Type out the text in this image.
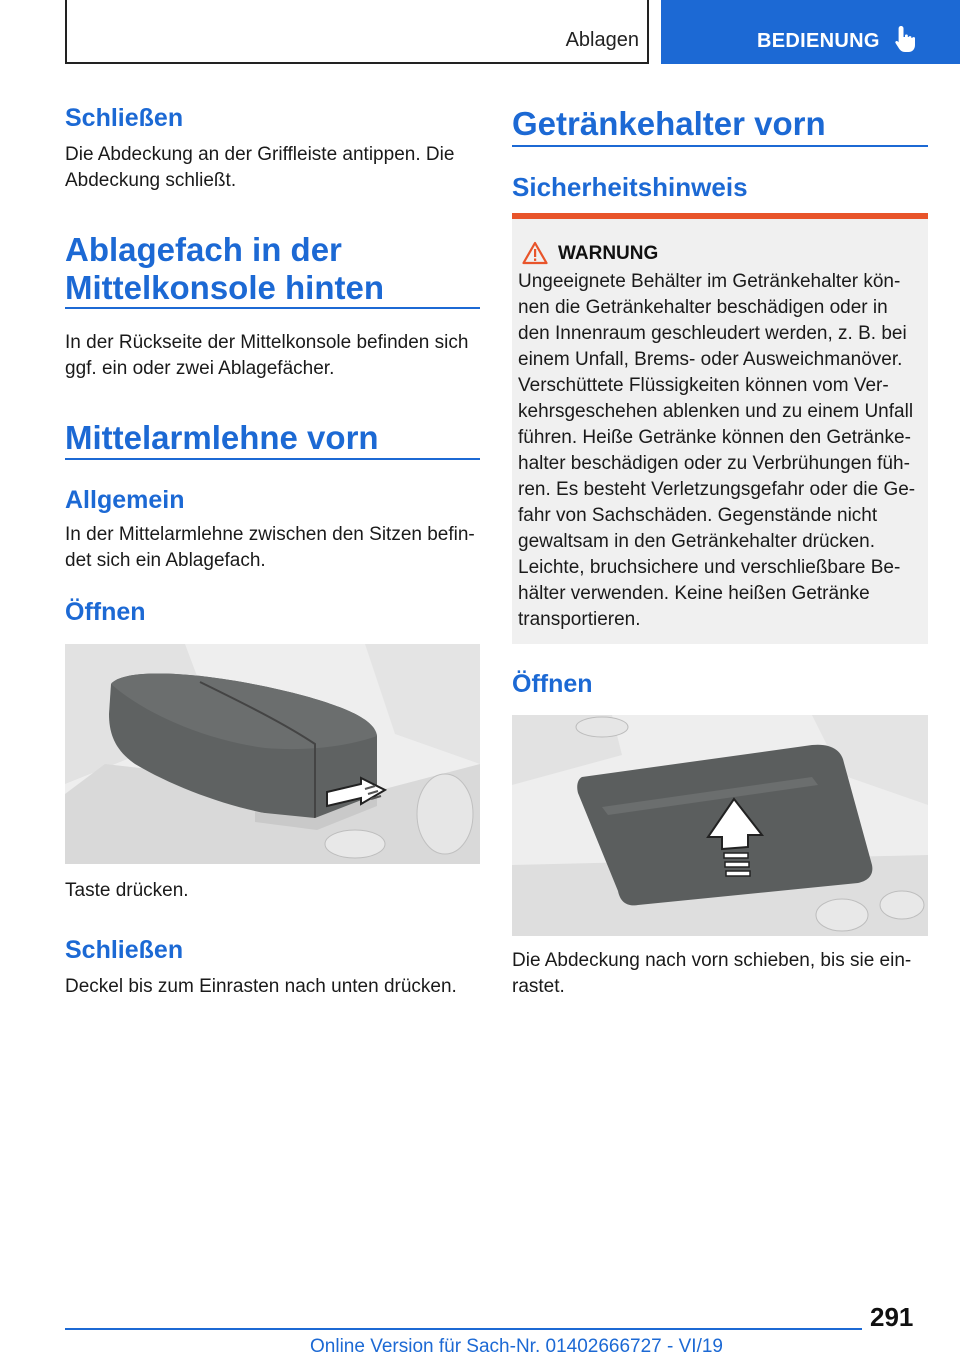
Ablagen	BEDIENUNG
Schließen
Die Abdeckung an der Griffleiste antippen. Die Abdeckung schließt.
Ablagefach in der
Mittelkonsole hinten
In der Rückseite der Mittelkonsole befinden sich ggf. ein oder zwei Ablagefächer.
Mittelarmlehne vorn
Allgemein
In der Mittelarmlehne zwischen den Sitzen befin-det sich ein Ablagefach.
Öffnen
Taste drücken.
Schließen
Deckel bis zum Einrasten nach unten drücken.
Getränkehalter vorn
Sicherheitshinweis
WARNUNG
Ungeeignete Behälter im Getränkehalter kön-nen die Getränkehalter beschädigen oder in den Innenraum geschleudert werden, z. B. bei einem Unfall, Brems- oder Ausweichmanöver. Verschüttete Flüssigkeiten können vom Ver-kehrsgeschehen ablenken und zu einem Unfall führen. Heiße Getränke können den Getränke-halter beschädigen oder zu Verbrühungen füh-ren. Es besteht Verletzungsgefahr oder die Ge-fahr von Sachschäden. Gegenstände nicht gewaltsam in den Getränkehalter drücken. Leichte, bruchsichere und verschließbare Be-hälter verwenden. Keine heißen Getränke transportieren.
Öffnen
Die Abdeckung nach vorn schieben, bis sie ein-rastet.
291
Online Version für Sach-Nr. 01402666727 - VI/19
